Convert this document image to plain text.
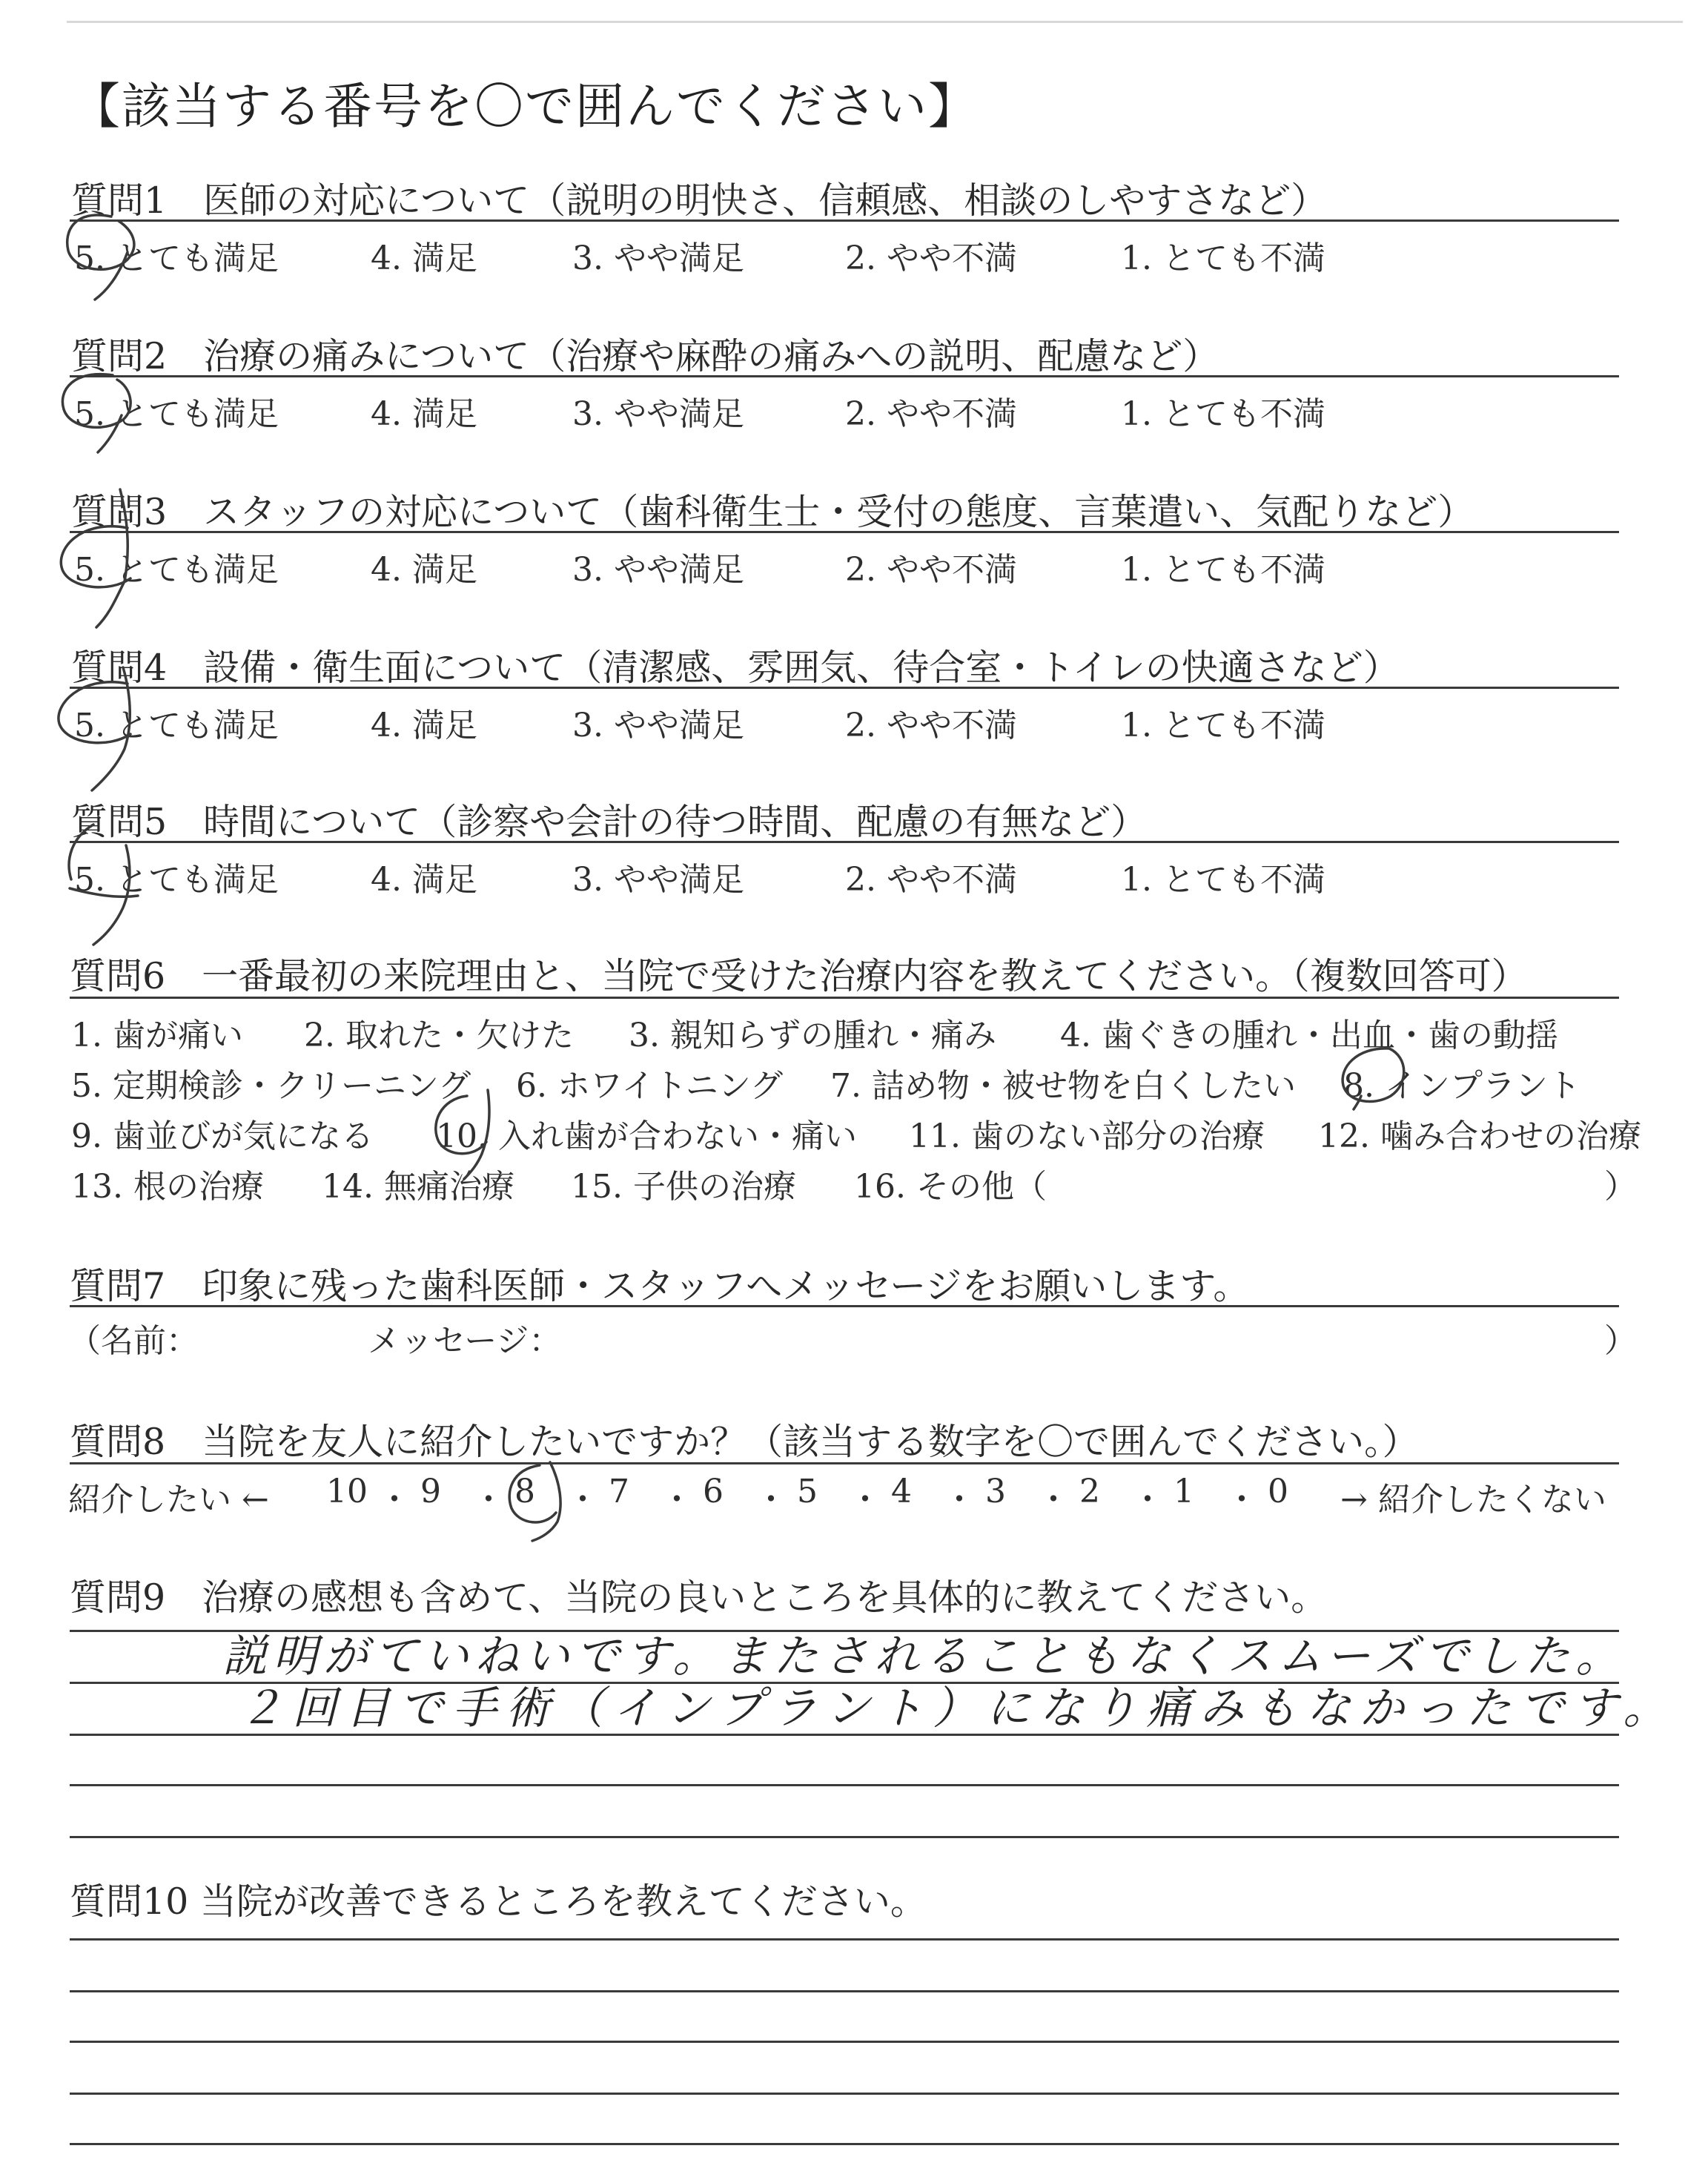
【該当する番号を〇で囲んでください】
質問1　医師の対応について（説明の明快さ、信頼感、相談のしやすさなど）
5. とても満足	4. 満足	3. やや満足	2. やや不満	1. とても不満
質問2　治療の痛みについて（治療や麻酔の痛みへの説明、配慮など）
5. とても満足	4. 満足	3. やや満足	2. やや不満	1. とても不満
質問3　スタッフの対応について（歯科衛生士・受付の態度、言葉遣い、気配りなど）
5. とても満足	4. 満足	3. やや満足	2. やや不満	1. とても不満
質問4　設備・衛生面について（清潔感、雰囲気、待合室・トイレの快適さなど）
5. とても満足	4. 満足	3. やや満足	2. やや不満	1. とても不満
質問5　時間について（診察や会計の待つ時間、配慮の有無など）
5. とても満足	4. 満足	3. やや満足	2. やや不満	1. とても不満
質問6　一番最初の来院理由と、当院で受けた治療内容を教えてください。（複数回答可）
1. 歯が痛い 2. 取れた・欠けた 3. 親知らずの腫れ・痛み 4. 歯ぐきの腫れ・出血・歯の動揺
5. 定期検診・クリーニング 6. ホワイトニング 7. 詰め物・被せ物を白くしたい 8. インプラント
9. 歯並びが気になる 10. 入れ歯が合わない・痛い 11. 歯のない部分の治療 12. 噛み合わせの治療
13. 根の治療 14. 無痛治療 15. 子供の治療 16. その他（	）
質問7　印象に残った歯科医師・スタッフへメッセージをお願いします。
（名前：	メッセージ：	）
質問8　当院を友人に紹介したいですか？（該当する数字を〇で囲んでください。）
紹介したい ← 10 ・ 9 ・ 8 ・ 7 ・ 6 ・ 5 ・ 4 ・ 3 ・ 2 ・ 1 ・ 0 → 紹介したくない
質問9　治療の感想も含めて、当院の良いところを具体的に教えてください。
説明がていねいです。またされることもなくスムーズでした。
２回目で手術（インプラント）になり痛みもなかったです。
質問10 当院が改善できるところを教えてください。
